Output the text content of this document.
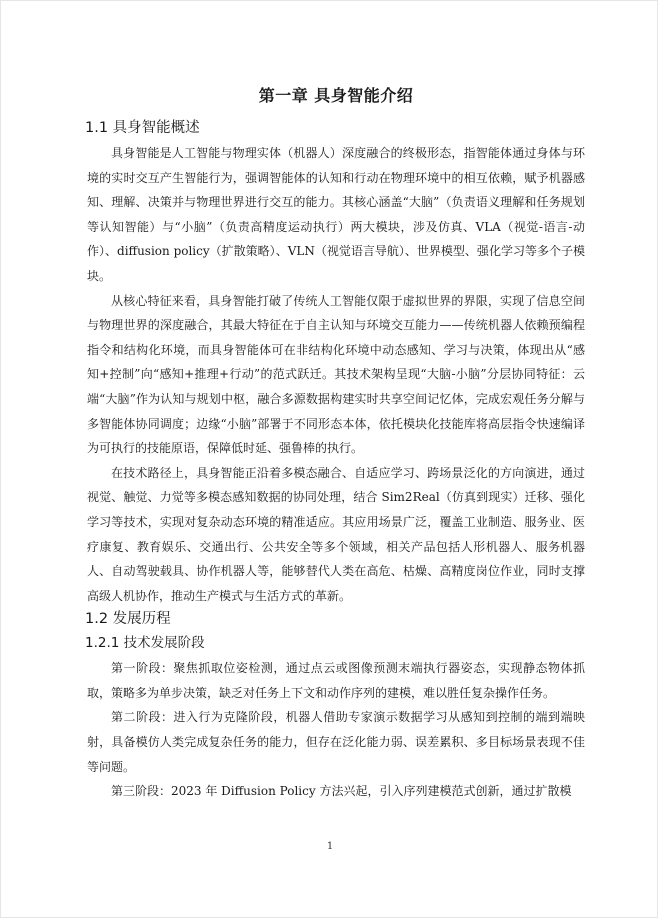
第一章 具身智能介绍
1.1 具身智能概述

具身智能是人工智能与物理实体（机器人）深度融合的终极形态，指智能体通过身体与环境的实时交互产生智能行为，强调智能体的认知和行动在物理环境中的相互依赖，赋予机器感知、理解、决策并与物理世界进行交互的能力。其核心涵盖“大脑”（负责语义理解和任务规划等认知智能）与“小脑”（负责高精度运动执行）两大模块，涉及仿真、VLA（视觉-语言-动作）、diffusion policy（扩散策略）、VLN（视觉语言导航）、世界模型、强化学习等多个子模块。

从核心特征来看，具身智能打破了传统人工智能仅限于虚拟世界的界限，实现了信息空间与物理世界的深度融合，其最大特征在于自主认知与环境交互能力——传统机器人依赖预编程指令和结构化环境，而具身智能体可在非结构化环境中动态感知、学习与决策，体现出从“感知+控制”向“感知+推理+行动”的范式跃迁。其技术架构呈现“大脑-小脑”分层协同特征：云端“大脑”作为认知与规划中枢，融合多源数据构建实时共享空间记忆体，完成宏观任务分解与多智能体协同调度；边缘“小脑”部署于不同形态本体，依托模块化技能库将高层指令快速编译为可执行的技能原语，保障低时延、强鲁棒的执行。

在技术路径上，具身智能正沿着多模态融合、自适应学习、跨场景泛化的方向演进，通过视觉、触觉、力觉等多模态感知数据的协同处理，结合 Sim2Real（仿真到现实）迁移、强化学习等技术，实现对复杂动态环境的精准适应。其应用场景广泛，覆盖工业制造、服务业、医疗康复、教育娱乐、交通出行、公共安全等多个领域，相关产品包括人形机器人、服务机器人、自动驾驶载具、协作机器人等，能够替代人类在高危、枯燥、高精度岗位作业，同时支撑高级人机协作，推动生产模式与生活方式的革新。

1.2 发展历程
1.2.1 技术发展阶段

第一阶段：聚焦抓取位姿检测，通过点云或图像预测末端执行器姿态，实现静态物体抓取，策略多为单步决策，缺乏对任务上下文和动作序列的建模，难以胜任复杂操作任务。

第二阶段：进入行为克隆阶段，机器人借助专家演示数据学习从感知到控制的端到端映射，具备模仿人类完成复杂任务的能力，但存在泛化能力弱、误差累积、多目标场景表现不佳等问题。

第三阶段：2023 年 Diffusion Policy 方法兴起，引入序列建模范式创新，通过扩散模

1
